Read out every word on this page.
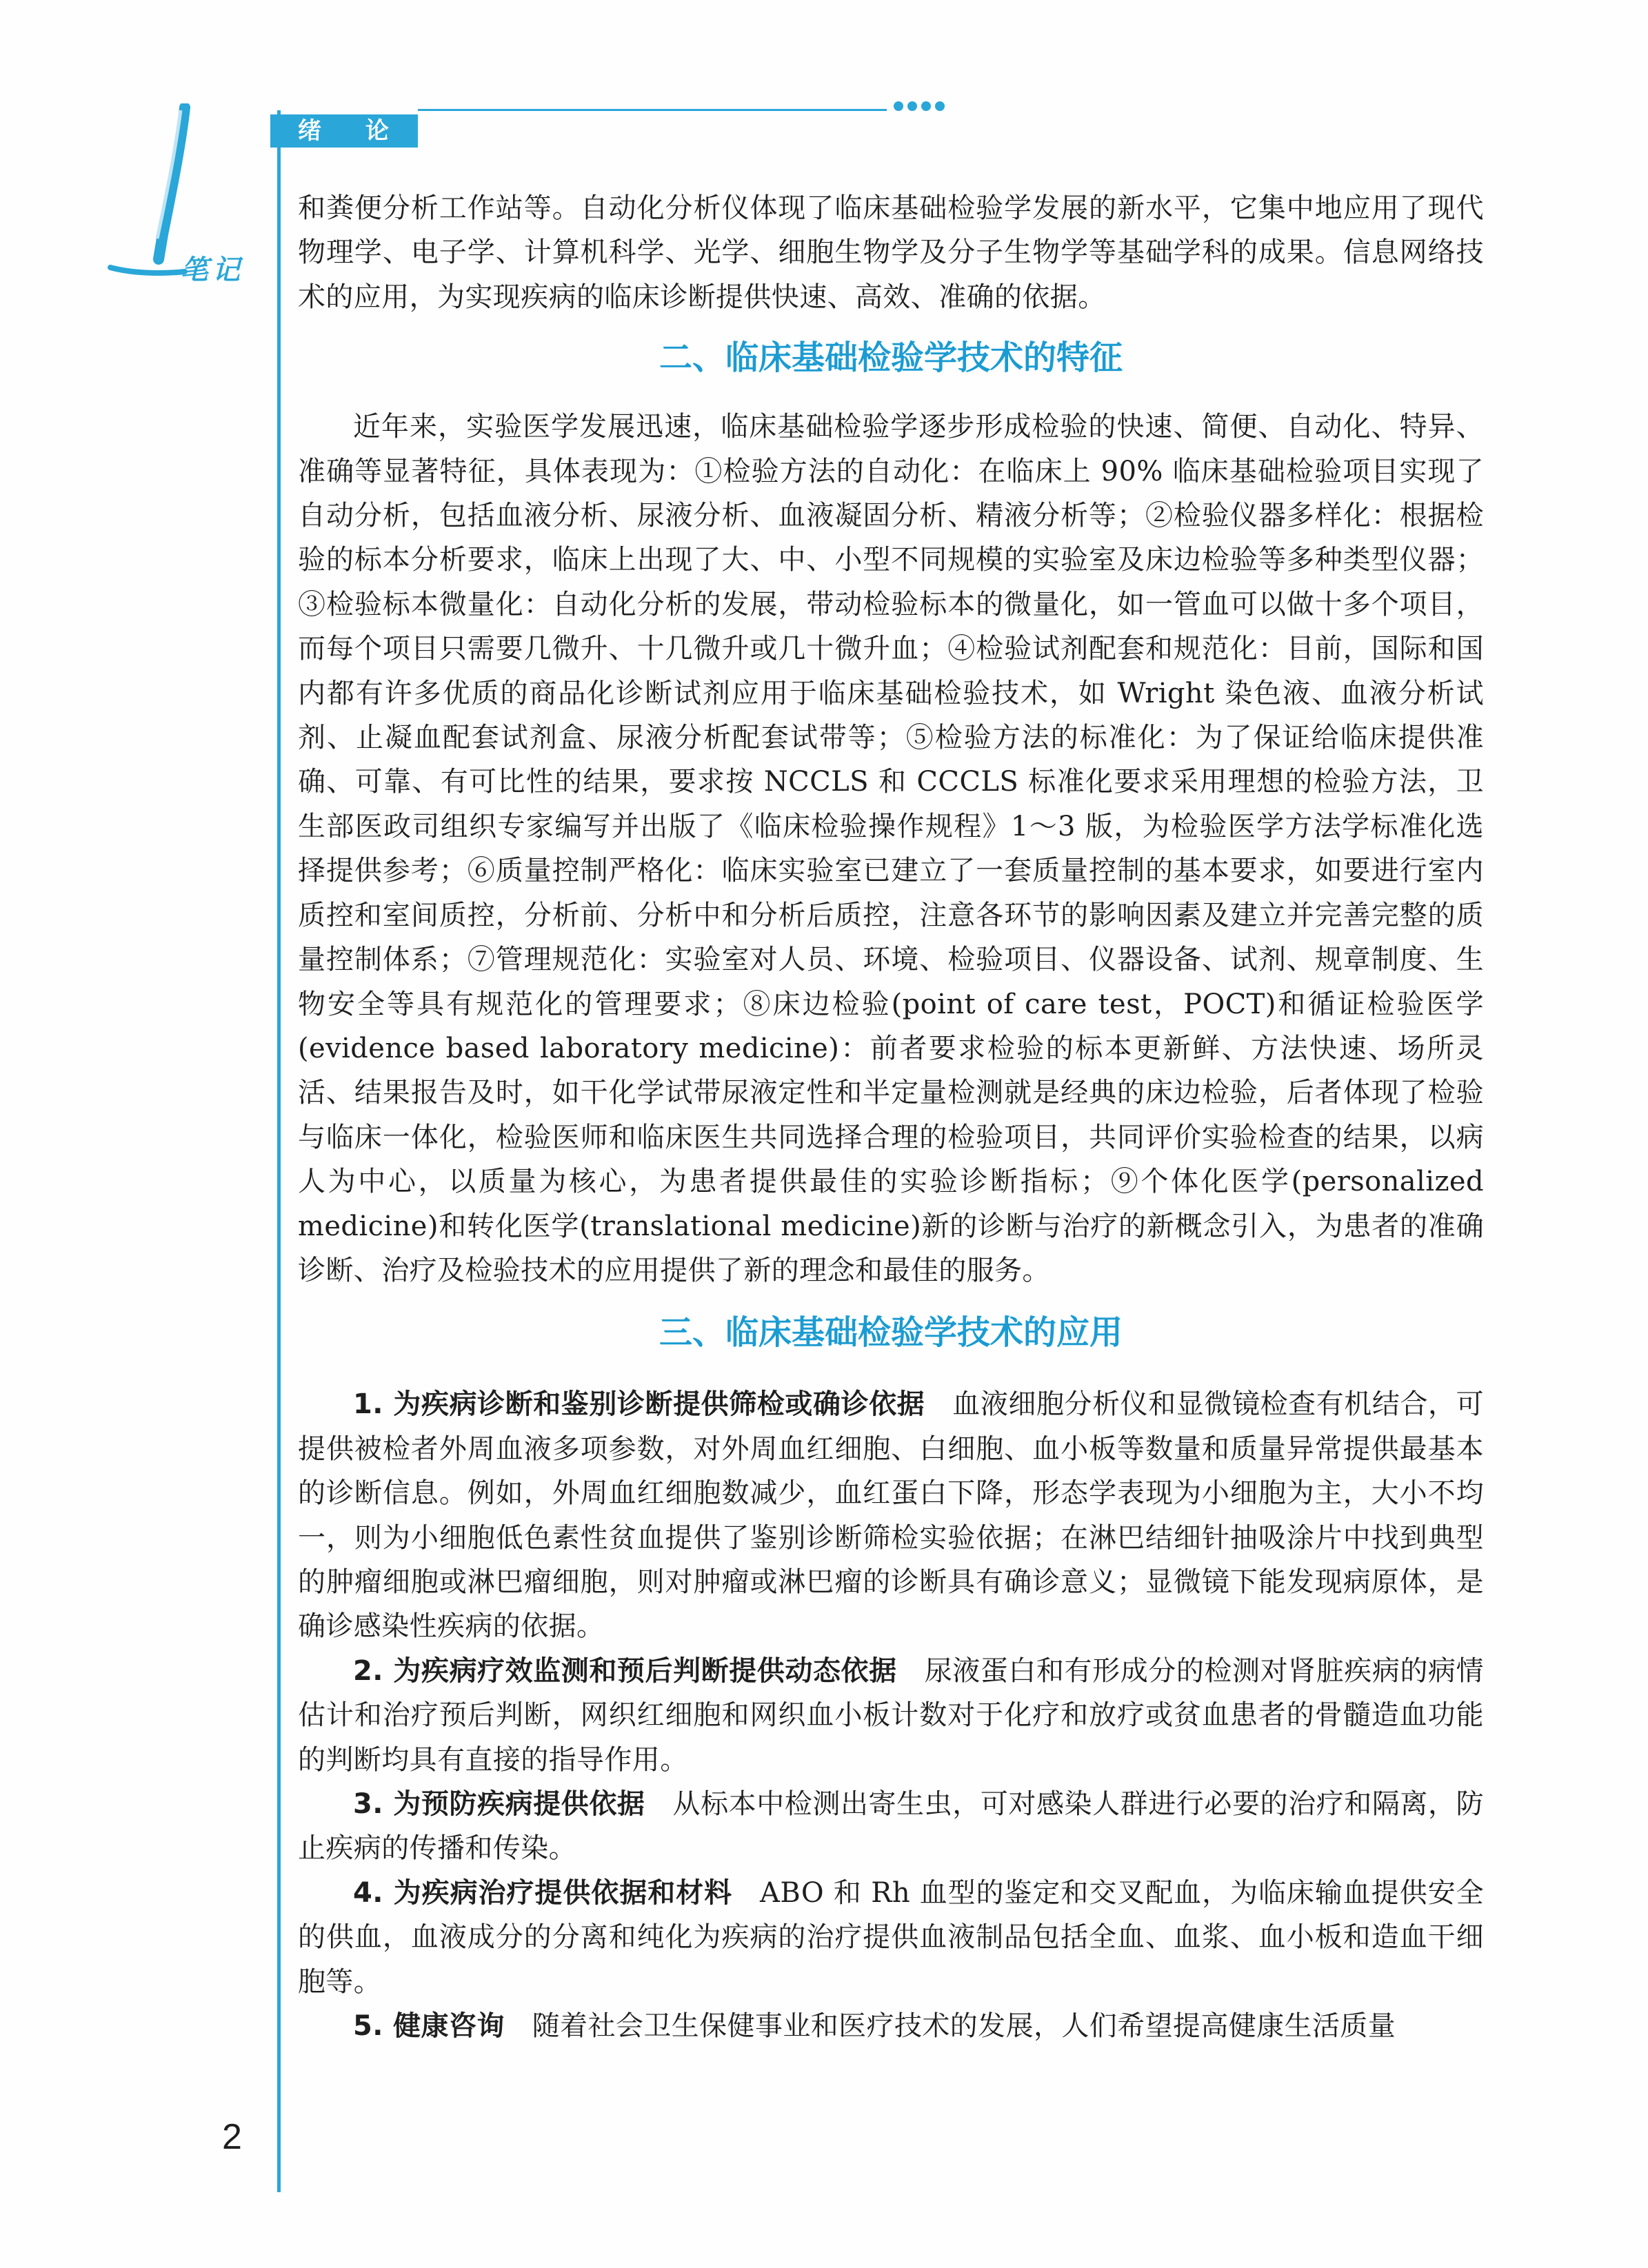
绪 论
笔记

和粪便分析工作站等。自动化分析仪体现了临床基础检验学发展的新水平，它集中地应用了现代物理学、电子学、计算机科学、光学、细胞生物学及分子生物学等基础学科的成果。信息网络技术的应用，为实现疾病的临床诊断提供快速、高效、准确的依据。

二、临床基础检验学技术的特征

近年来，实验医学发展迅速，临床基础检验学逐步形成检验的快速、简便、自动化、特异、准确等显著特征，具体表现为：①检验方法的自动化：在临床上 90% 临床基础检验项目实现了自动分析，包括血液分析、尿液分析、血液凝固分析、精液分析等；②检验仪器多样化：根据检验的标本分析要求，临床上出现了大、中、小型不同规模的实验室及床边检验等多种类型仪器；③检验标本微量化：自动化分析的发展，带动检验标本的微量化，如一管血可以做十多个项目，而每个项目只需要几微升、十几微升或几十微升血；④检验试剂配套和规范化：目前，国际和国内都有许多优质的商品化诊断试剂应用于临床基础检验技术，如 Wright 染色液、血液分析试剂、止凝血配套试剂盒、尿液分析配套试带等；⑤检验方法的标准化：为了保证给临床提供准确、可靠、有可比性的结果，要求按 NCCLS 和 CCCLS 标准化要求采用理想的检验方法，卫生部医政司组织专家编写并出版了《临床检验操作规程》1～3 版，为检验医学方法学标准化选择提供参考；⑥质量控制严格化：临床实验室已建立了一套质量控制的基本要求，如要进行室内质控和室间质控，分析前、分析中和分析后质控，注意各环节的影响因素及建立并完善完整的质量控制体系；⑦管理规范化：实验室对人员、环境、检验项目、仪器设备、试剂、规章制度、生物安全等具有规范化的管理要求；⑧床边检验(point of care test，POCT)和循证检验医学(evidence based laboratory medicine)：前者要求检验的标本更新鲜、方法快速、场所灵活、结果报告及时，如干化学试带尿液定性和半定量检测就是经典的床边检验，后者体现了检验与临床一体化，检验医师和临床医生共同选择合理的检验项目，共同评价实验检查的结果，以病人为中心，以质量为核心，为患者提供最佳的实验诊断指标；⑨个体化医学(personalized medicine)和转化医学(translational medicine)新的诊断与治疗的新概念引入，为患者的准确诊断、治疗及检验技术的应用提供了新的理念和最佳的服务。

三、临床基础检验学技术的应用

1. 为疾病诊断和鉴别诊断提供筛检或确诊依据 血液细胞分析仪和显微镜检查有机结合，可提供被检者外周血液多项参数，对外周血红细胞、白细胞、血小板等数量和质量异常提供最基本的诊断信息。例如，外周血红细胞数减少，血红蛋白下降，形态学表现为小细胞为主，大小不均一，则为小细胞低色素性贫血提供了鉴别诊断筛检实验依据；在淋巴结细针抽吸涂片中找到典型的肿瘤细胞或淋巴瘤细胞，则对肿瘤或淋巴瘤的诊断具有确诊意义；显微镜下能发现病原体，是确诊感染性疾病的依据。

2. 为疾病疗效监测和预后判断提供动态依据 尿液蛋白和有形成分的检测对肾脏疾病的病情估计和治疗预后判断，网织红细胞和网织血小板计数对于化疗和放疗或贫血患者的骨髓造血功能的判断均具有直接的指导作用。

3. 为预防疾病提供依据 从标本中检测出寄生虫，可对感染人群进行必要的治疗和隔离，防止疾病的传播和传染。

4. 为疾病治疗提供依据和材料 ABO 和 Rh 血型的鉴定和交叉配血，为临床输血提供安全的供血，血液成分的分离和纯化为疾病的治疗提供血液制品包括全血、血浆、血小板和造血干细胞等。

5. 健康咨询 随着社会卫生保健事业和医疗技术的发展，人们希望提高健康生活质量

2
